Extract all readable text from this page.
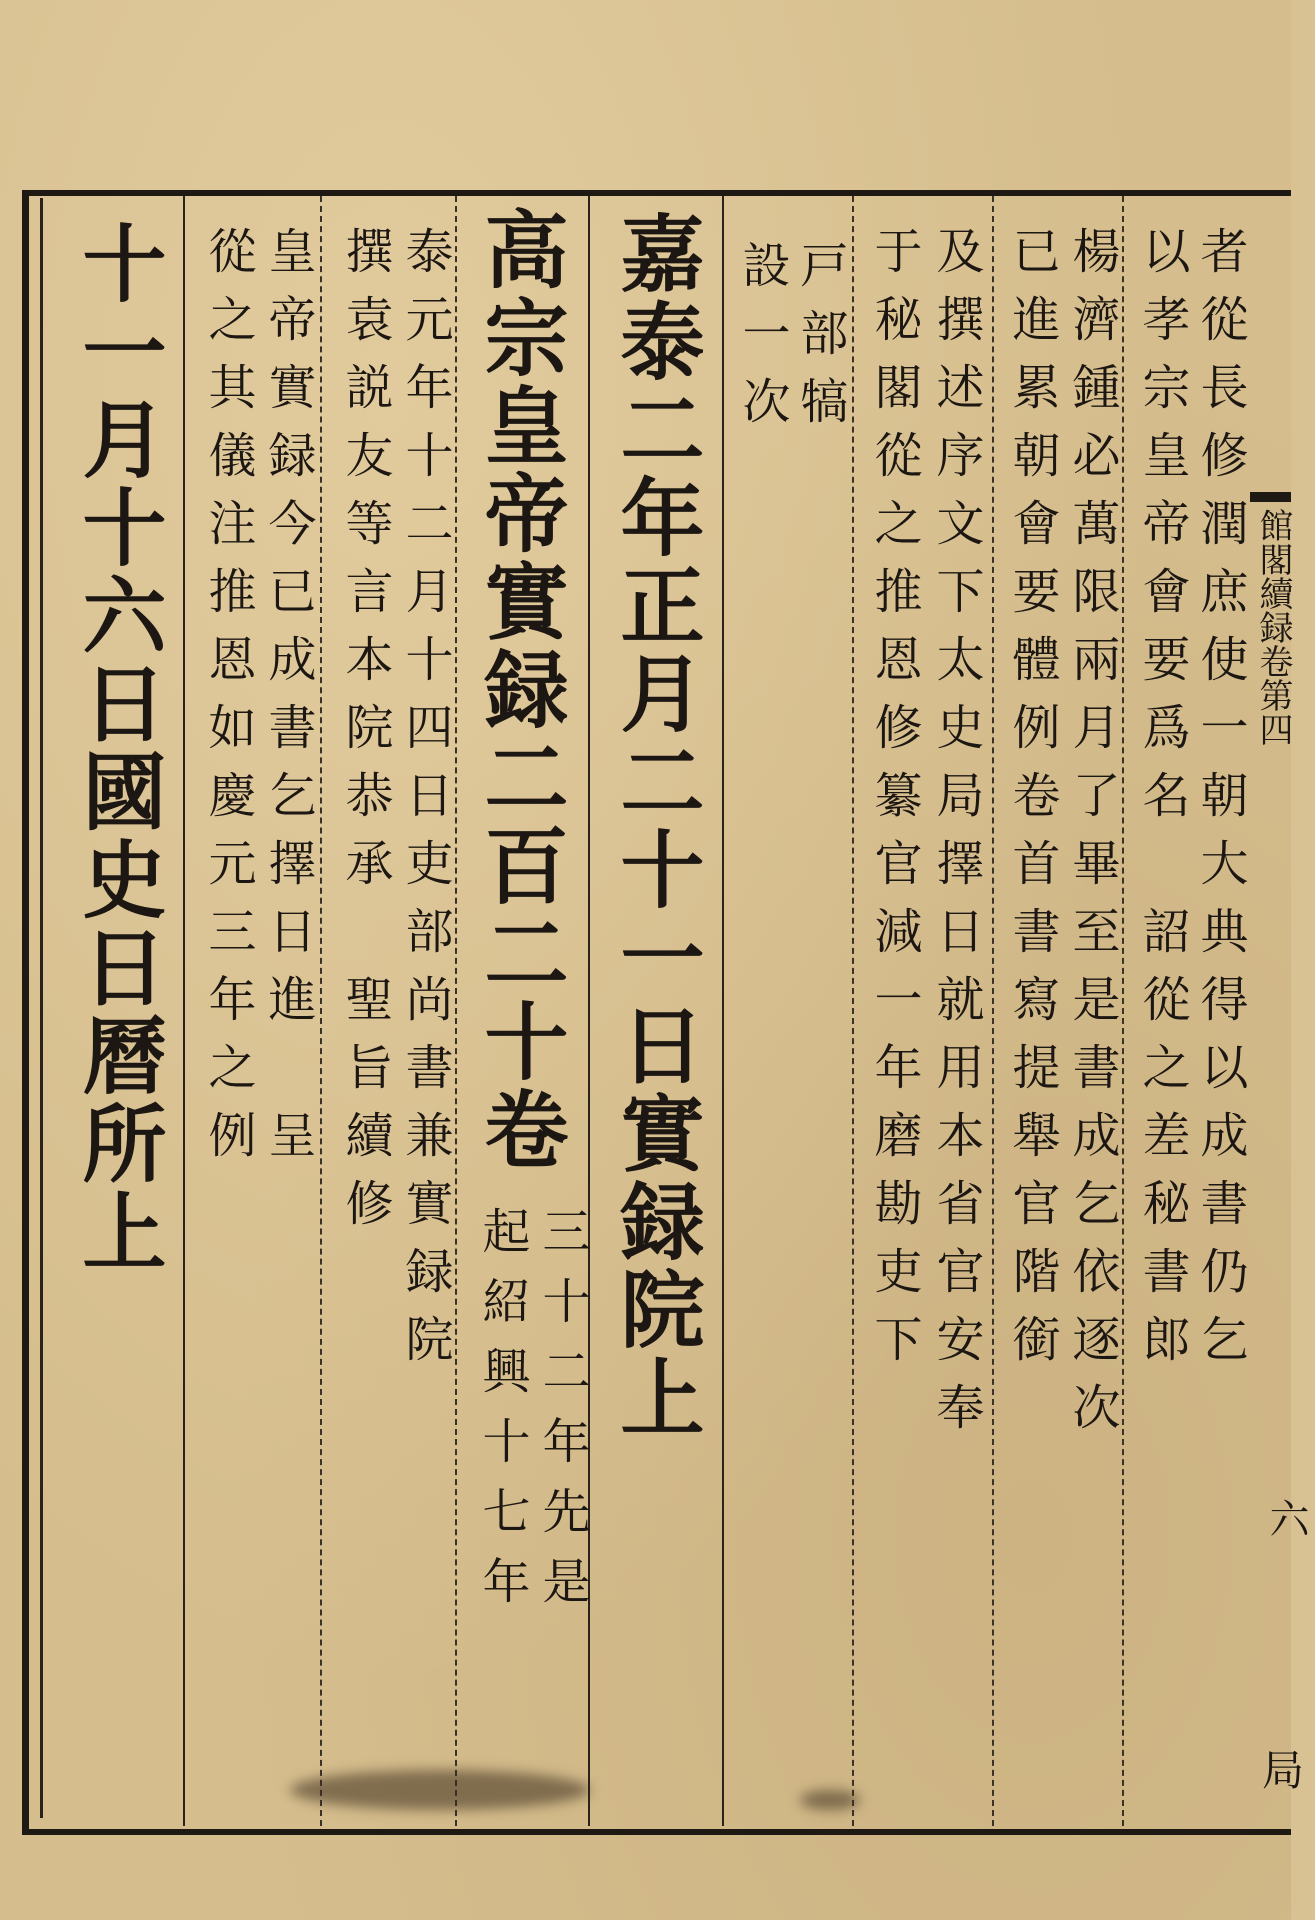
十一月十六日國史日曆所上 從之其儀注推恩如慶元三年之例 皇帝實録今已成書乞擇日進　呈 撰袁説友等言本院恭承　聖旨續修 泰元年十二月十四日吏部尚書兼實録院 高宗皇帝實録二百二十卷
起紹興十七年 三十二年先是 嘉泰二年正月二十一日實録院上 設一次 戸部犒 于秘閣從之推恩修纂官減一年磨勘吏下 及撰述序文下太史局擇日就用本省官安奉 已進累朝會要體例卷首書寫提舉官階銜 楊濟鍾必萬限兩月了畢至是書成乞依逐次 以孝宗皇帝會要爲名　詔從之差秘書郎 者從長修潤庶使一朝大典得以成書仍乞 館閣續録卷第四
六
局
